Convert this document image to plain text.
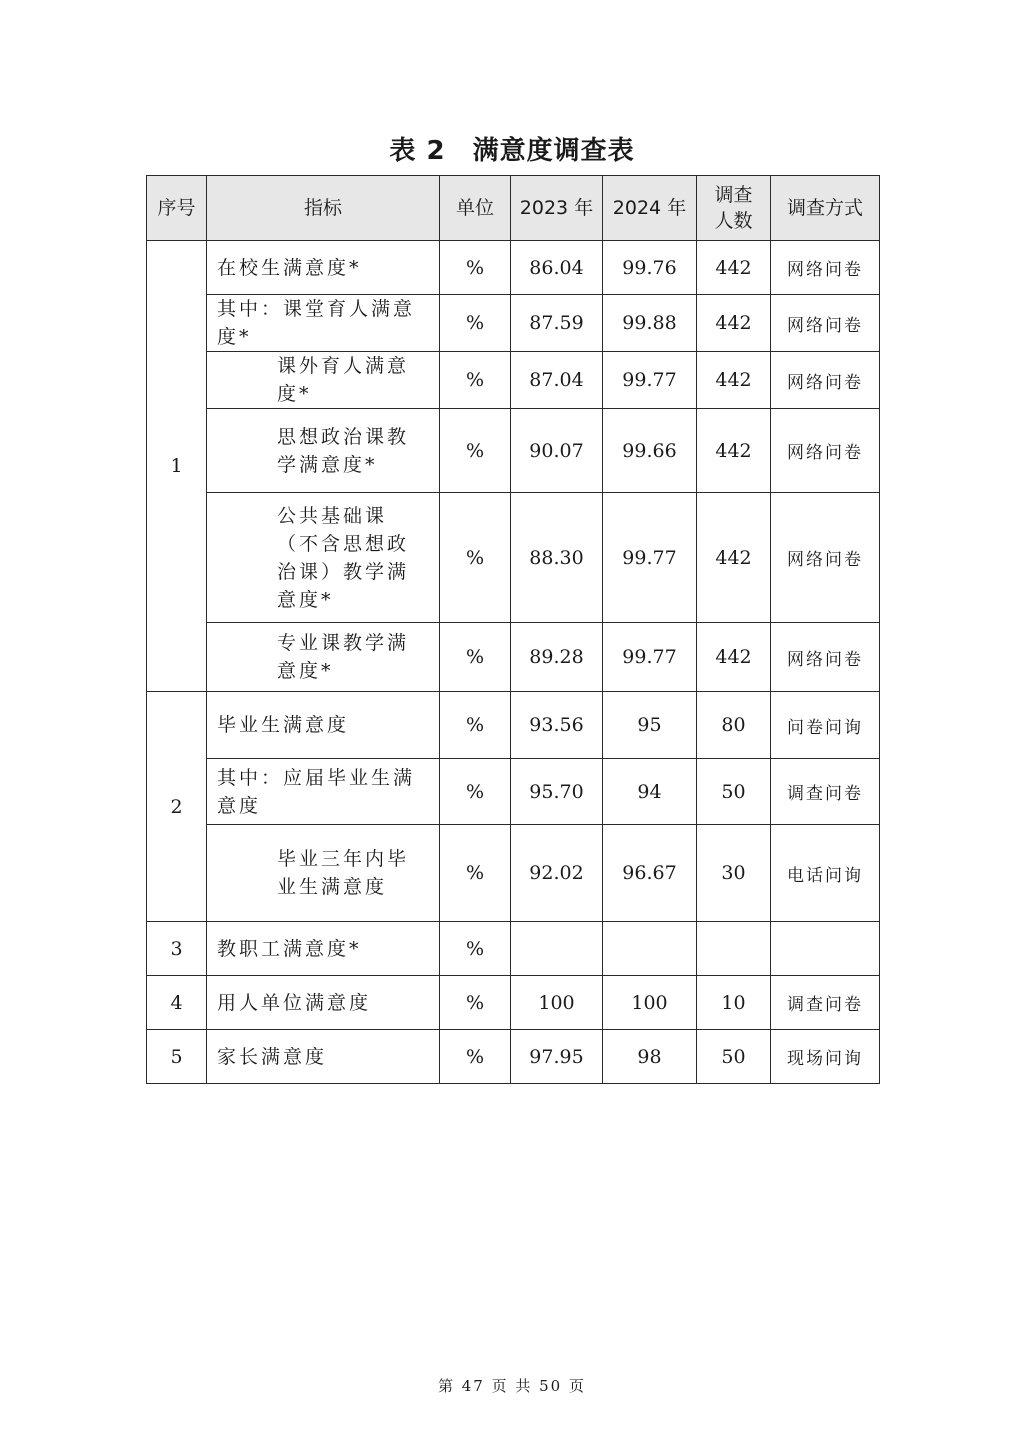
表 2　满意度调查表
序号	指标	单位	2023 年	2024 年	调查人数	调查方式
1	在校生满意度*	%	86.04	99.76	442	网络问卷
	其中：课堂育人满意度*	%	87.59	99.88	442	网络问卷

	课外育人满意度*	%	87.04	99.77	442	网络问卷

	思想政治课教学满意度*	%	90.07	99.66	442	网络问卷

	公共基础课（不含思想政治课）教学满意度*	%	88.30	99.77	442	网络问卷

	专业课教学满意度*	%	89.28	99.77	442	网络问卷
2	毕业生满意度	%	93.56	95	80	问卷问询

	其中：应届毕业生满意度	%	95.70	94	50	调查问卷

	毕业三年内毕业生满意度	%	92.02	96.67	30	电话问询
3	教职工满意度*	%				
4	用人单位满意度	%	100	100	10	调查问卷
5	家长满意度	%	97.95	98	50	现场问询
第 47 页 共 50 页
